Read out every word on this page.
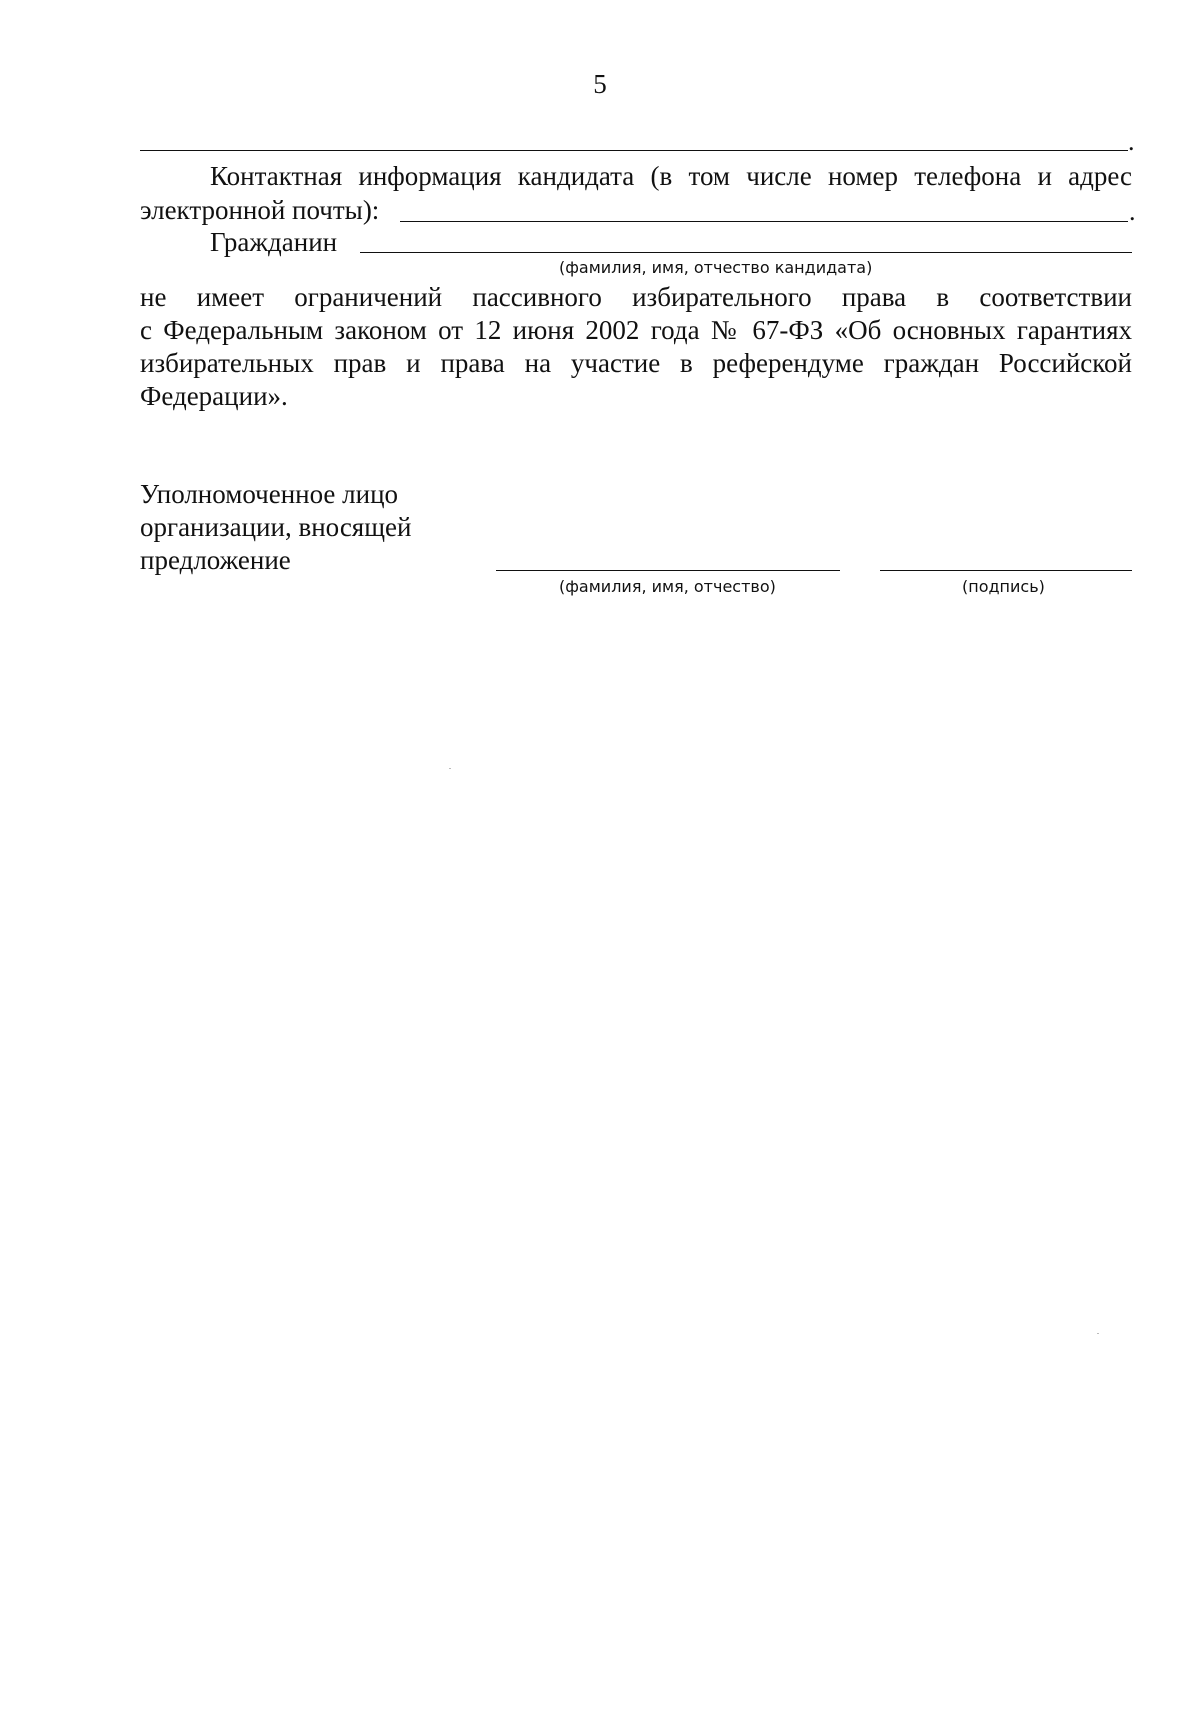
5
.
Контактная информация кандидата (в том числе номер телефона и адрес
электронной почты):	.
Гражданин
(фамилия, имя, отчество кандидата)
не имеет ограничений пассивного избирательного права в соответствии
с Федеральным законом от 12 июня 2002 года № 67-ФЗ «Об основных гарантиях
избирательных прав и права на участие в референдуме граждан Российской
Федерации».
Уполномоченное лицо
организации, вносящей
предложение
(фамилия, имя, отчество)	(подпись)
